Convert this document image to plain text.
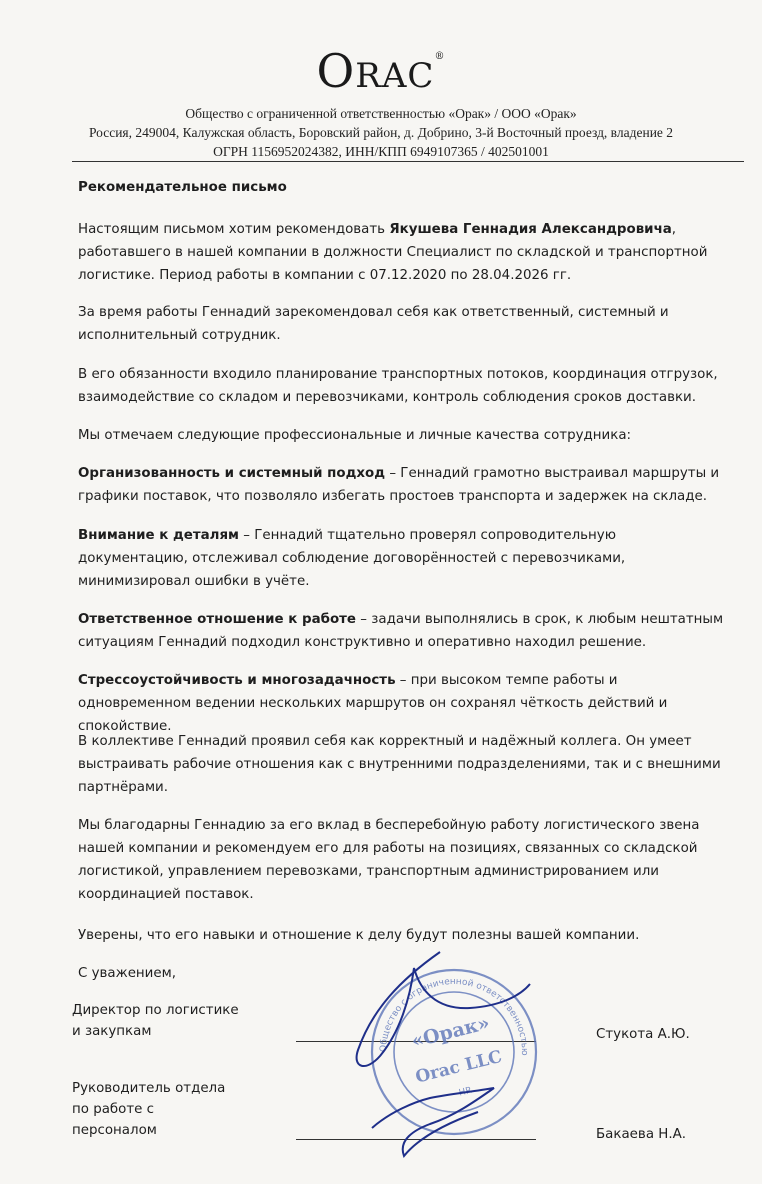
ORAC®
Общество с ограниченной ответственностью «Орак» / ООО «Орак»
Россия, 249004, Калужская область, Боровский район, д. Добрино, 3-й Восточный проезд, владение 2
ОГРН 1156952024382, ИНН/КПП 6949107365 / 402501001
Рекомендательное письмо
Настоящим письмом хотим рекомендовать Якушева Геннадия Александровича, работавшего в нашей компании в должности Специалист по складской и транспортной логистике. Период работы в компании с 07.12.2020 по 28.04.2026 гг.
За время работы Геннадий зарекомендовал себя как ответственный, системный и исполнительный сотрудник.
В его обязанности входило планирование транспортных потоков, координация отгрузок, взаимодействие со складом и перевозчиками, контроль соблюдения сроков доставки.
Мы отмечаем следующие профессиональные и личные качества сотрудника:
Организованность и системный подход – Геннадий грамотно выстраивал маршруты и графики поставок, что позволяло избегать простоев транспорта и задержек на складе.
Внимание к деталям – Геннадий тщательно проверял сопроводительную документацию, отслеживал соблюдение договорённостей с перевозчиками, минимизировал ошибки в учёте.
Ответственное отношение к работе – задачи выполнялись в срок, к любым нештатным ситуациям Геннадий подходил конструктивно и оперативно находил решение.
Стрессоустойчивость и многозадачность – при высоком темпе работы и одновременном ведении нескольких маршрутов он сохранял чёткость действий и спокойствие.
В коллективе Геннадий проявил себя как корректный и надёжный коллега. Он умеет выстраивать рабочие отношения как с внутренними подразделениями, так и с внешними партнёрами.
Мы благодарны Геннадию за его вклад в бесперебойную работу логистического звена нашей компании и рекомендуем его для работы на позициях, связанных со складской логистикой, управлением перевозками, транспортным администрированием или координацией поставок.
Уверены, что его навыки и отношение к делу будут полезны вашей компании.
С уважением,
Директор по логистике
и закупкам
Руководитель отдела
по работе с
персоналом
Стукота А.Ю.
Бакаева Н.А.
Общество с ограниченной ответственностью
«Орак»
Orac LLC
HR
